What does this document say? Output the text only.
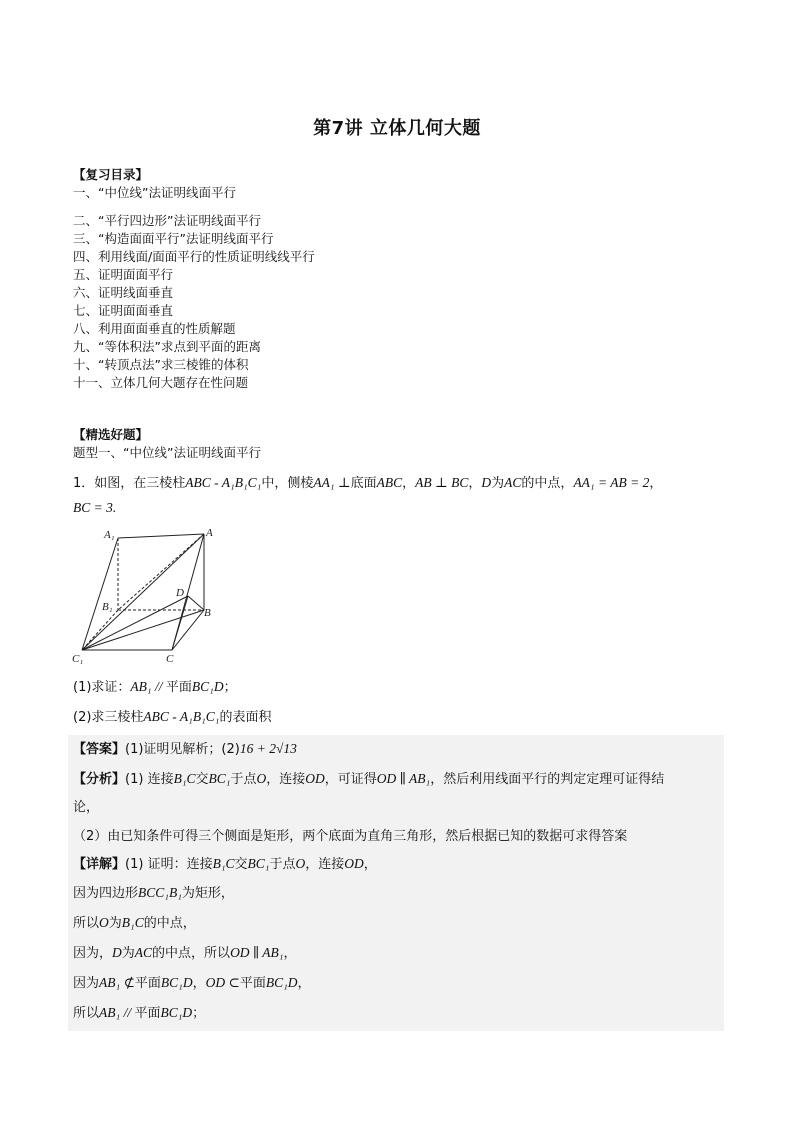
第7讲 立体几何大题
【复习目录】
一、“中位线”法证明线面平行
二、“平行四边形”法证明线面平行
三、“构造面面平行”法证明线面平行
四、利用线面/面面平行的性质证明线线平行
五、证明面面平行
六、证明线面垂直
七、证明面面垂直
八、利用面面垂直的性质解题
九、“等体积法”求点到平面的距离
十、“转顶点法”求三棱锥的体积
十一、立体几何大题存在性问题
【精选好题】
题型一、“中位线”法证明线面平行
1．如图，在三棱柱ABC - A₁B₁C₁中，侧棱AA₁ ⊥底面ABC，AB ⊥ BC，D为AC的中点，AA₁ = AB = 2，
BC = 3.
A₁	A
B₁
D
B
C₁	C
(1)求证：AB₁ // 平面BC₁D；
(2)求三棱柱ABC - A₁B₁C₁的表面积
【答案】(1)证明见解析；(2)16 + 2√13
【分析】(1) 连接B₁C交BC₁于点O，连接OD，可证得OD ∥ AB₁，然后利用线面平行的判定定理可证得结
论，
（2）由已知条件可得三个侧面是矩形，两个底面为直角三角形，然后根据已知的数据可求得答案
【详解】(1) 证明：连接B₁C交BC₁于点O，连接OD，
因为四边形BCC₁B₁为矩形，
所以O为B₁C的中点，
因为，D为AC的中点，所以OD ∥ AB₁，
因为AB₁ ⊄平面BC₁D，OD ⊂平面BC₁D，
所以AB₁ // 平面BC₁D；
